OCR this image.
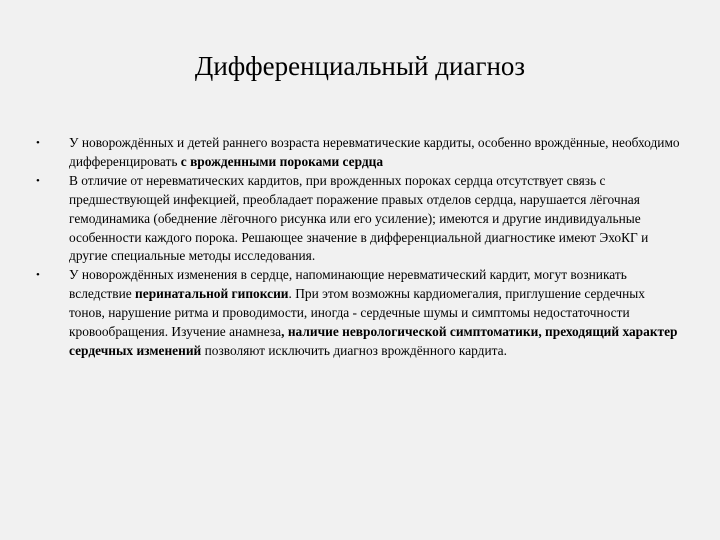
Дифференциальный диагноз
• У новорождённых и детей раннего возраста неревматические кардиты, особенно врождённые, необходимо дифференцировать с врожденными пороками сердца
• В отличие от неревматических кардитов, при врожденных пороках сердца отсутствует связь с предшествующей инфекцией, преобладает поражение правых отделов сердца, нарушается лёгочная гемодинамика (обеднение лёгочного рисунка или его усиление); имеются и другие индивидуальные особенности каждого порока. Решающее значение в дифференциальной диагностике имеют ЭхоКГ и другие специальные методы исследования.
• У новорождённых изменения в сердце, напоминающие неревматический кардит, могут возникать вследствие перинатальной гипоксии. При этом возможны кардиомегалия, приглушение сердечных тонов, нарушение ритма и проводимости, иногда - сердечные шумы и симптомы недостаточности кровообращения. Изучение анамнеза, наличие неврологической симптоматики, преходящий характер сердечных изменений позволяют исключить диагноз врождённого кардита.
